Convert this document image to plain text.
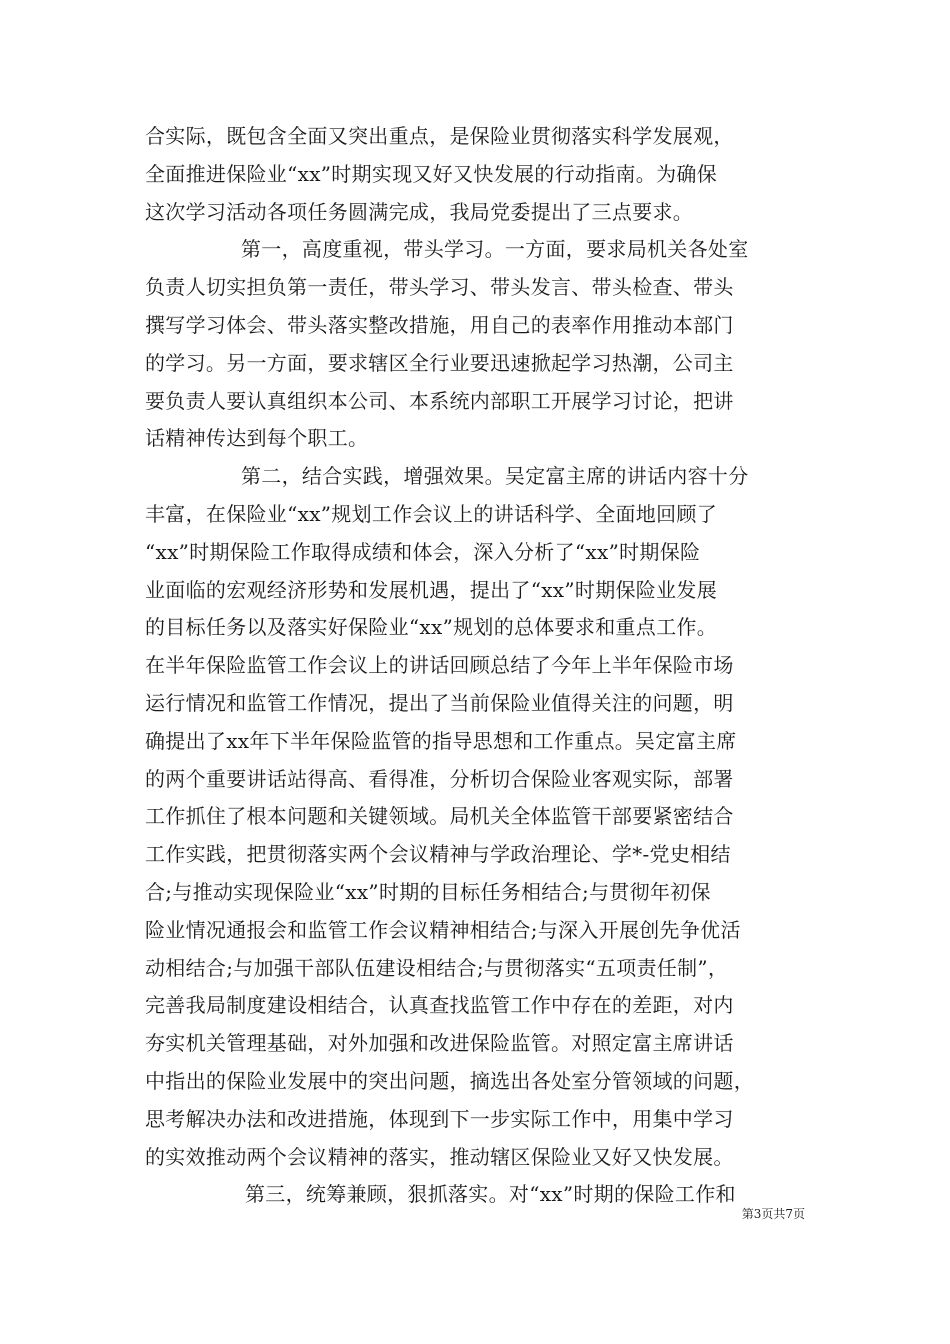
合实际，既包含全面又突出重点，是保险业贯彻落实科学发展观，
全面推进保险业“xx”时期实现又好又快发展的行动指南。为确保
这次学习活动各项任务圆满完成，我局党委提出了三点要求。
第一，高度重视，带头学习。一方面，要求局机关各处室
负责人切实担负第一责任，带头学习、带头发言、带头检查、带头
撰写学习体会、带头落实整改措施，用自己的表率作用推动本部门
的学习。另一方面，要求辖区全行业要迅速掀起学习热潮，公司主
要负责人要认真组织本公司、本系统内部职工开展学习讨论，把讲
话精神传达到每个职工。
第二，结合实践，增强效果。吴定富主席的讲话内容十分
丰富，在保险业“xx”规划工作会议上的讲话科学、全面地回顾了
“xx”时期保险工作取得成绩和体会，深入分析了“xx”时期保险
业面临的宏观经济形势和发展机遇，提出了“xx”时期保险业发展
的目标任务以及落实好保险业“xx”规划的总体要求和重点工作。
在半年保险监管工作会议上的讲话回顾总结了今年上半年保险市场
运行情况和监管工作情况，提出了当前保险业值得关注的问题，明
确提出了xx年下半年保险监管的指导思想和工作重点。吴定富主席
的两个重要讲话站得高、看得准，分析切合保险业客观实际，部署
工作抓住了根本问题和关键领域。局机关全体监管干部要紧密结合
工作实践，把贯彻落实两个会议精神与学政治理论、学*-党史相结
合;与推动实现保险业“xx”时期的目标任务相结合;与贯彻年初保
险业情况通报会和监管工作会议精神相结合;与深入开展创先争优活
动相结合;与加强干部队伍建设相结合;与贯彻落实“五项责任制”，
完善我局制度建设相结合，认真查找监管工作中存在的差距，对内
夯实机关管理基础，对外加强和改进保险监管。对照定富主席讲话
中指出的保险业发展中的突出问题，摘选出各处室分管领域的问题，
思考解决办法和改进措施，体现到下一步实际工作中，用集中学习
的实效推动两个会议精神的落实，推动辖区保险业又好又快发展。
第三，统筹兼顾，狠抓落实。对“xx”时期的保险工作和
第3页共7页
